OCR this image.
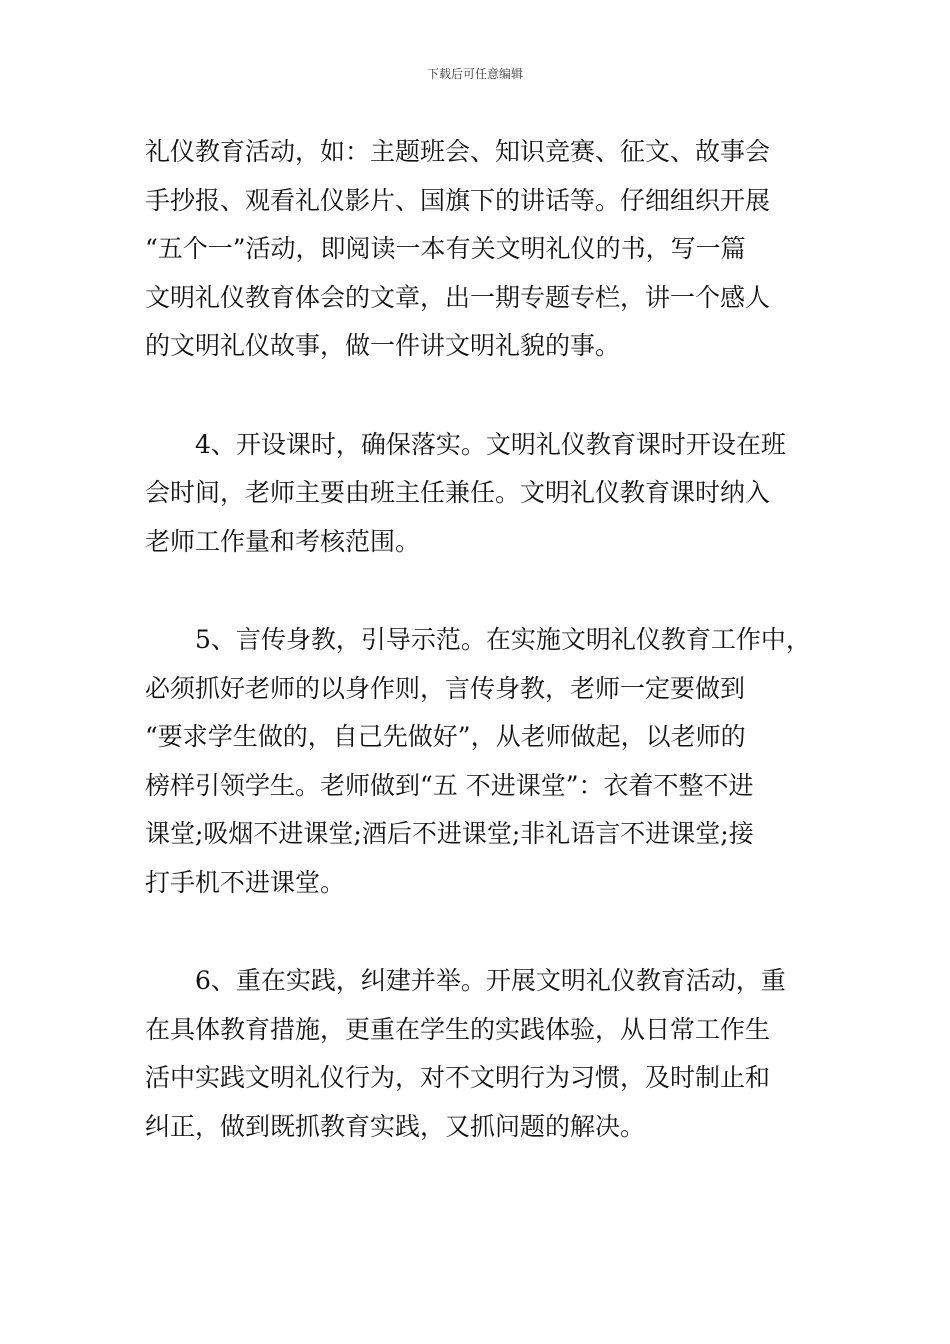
下载后可任意编辑
礼仪教育活动，如：主题班会、知识竞赛、征文、故事会
手抄报、观看礼仪影片、国旗下的讲话等。仔细组织开展
“五个一”活动，即阅读一本有关文明礼仪的书，写一篇
文明礼仪教育体会的文章，出一期专题专栏，讲一个感人
的文明礼仪故事，做一件讲文明礼貌的事。
4、开设课时，确保落实。文明礼仪教育课时开设在班
会时间，老师主要由班主任兼任。文明礼仪教育课时纳入
老师工作量和考核范围。
5、言传身教，引导示范。在实施文明礼仪教育工作中，
必须抓好老师的以身作则，言传身教，老师一定要做到
“要求学生做的，自己先做好”，从老师做起，以老师的
榜样引领学生。老师做到“五 不进课堂”：衣着不整不进
课堂;吸烟不进课堂;酒后不进课堂;非礼语言不进课堂;接
打手机不进课堂。
6、重在实践，纠建并举。开展文明礼仪教育活动，重
在具体教育措施，更重在学生的实践体验，从日常工作生
活中实践文明礼仪行为，对不文明行为习惯，及时制止和
纠正，做到既抓教育实践，又抓问题的解决。
